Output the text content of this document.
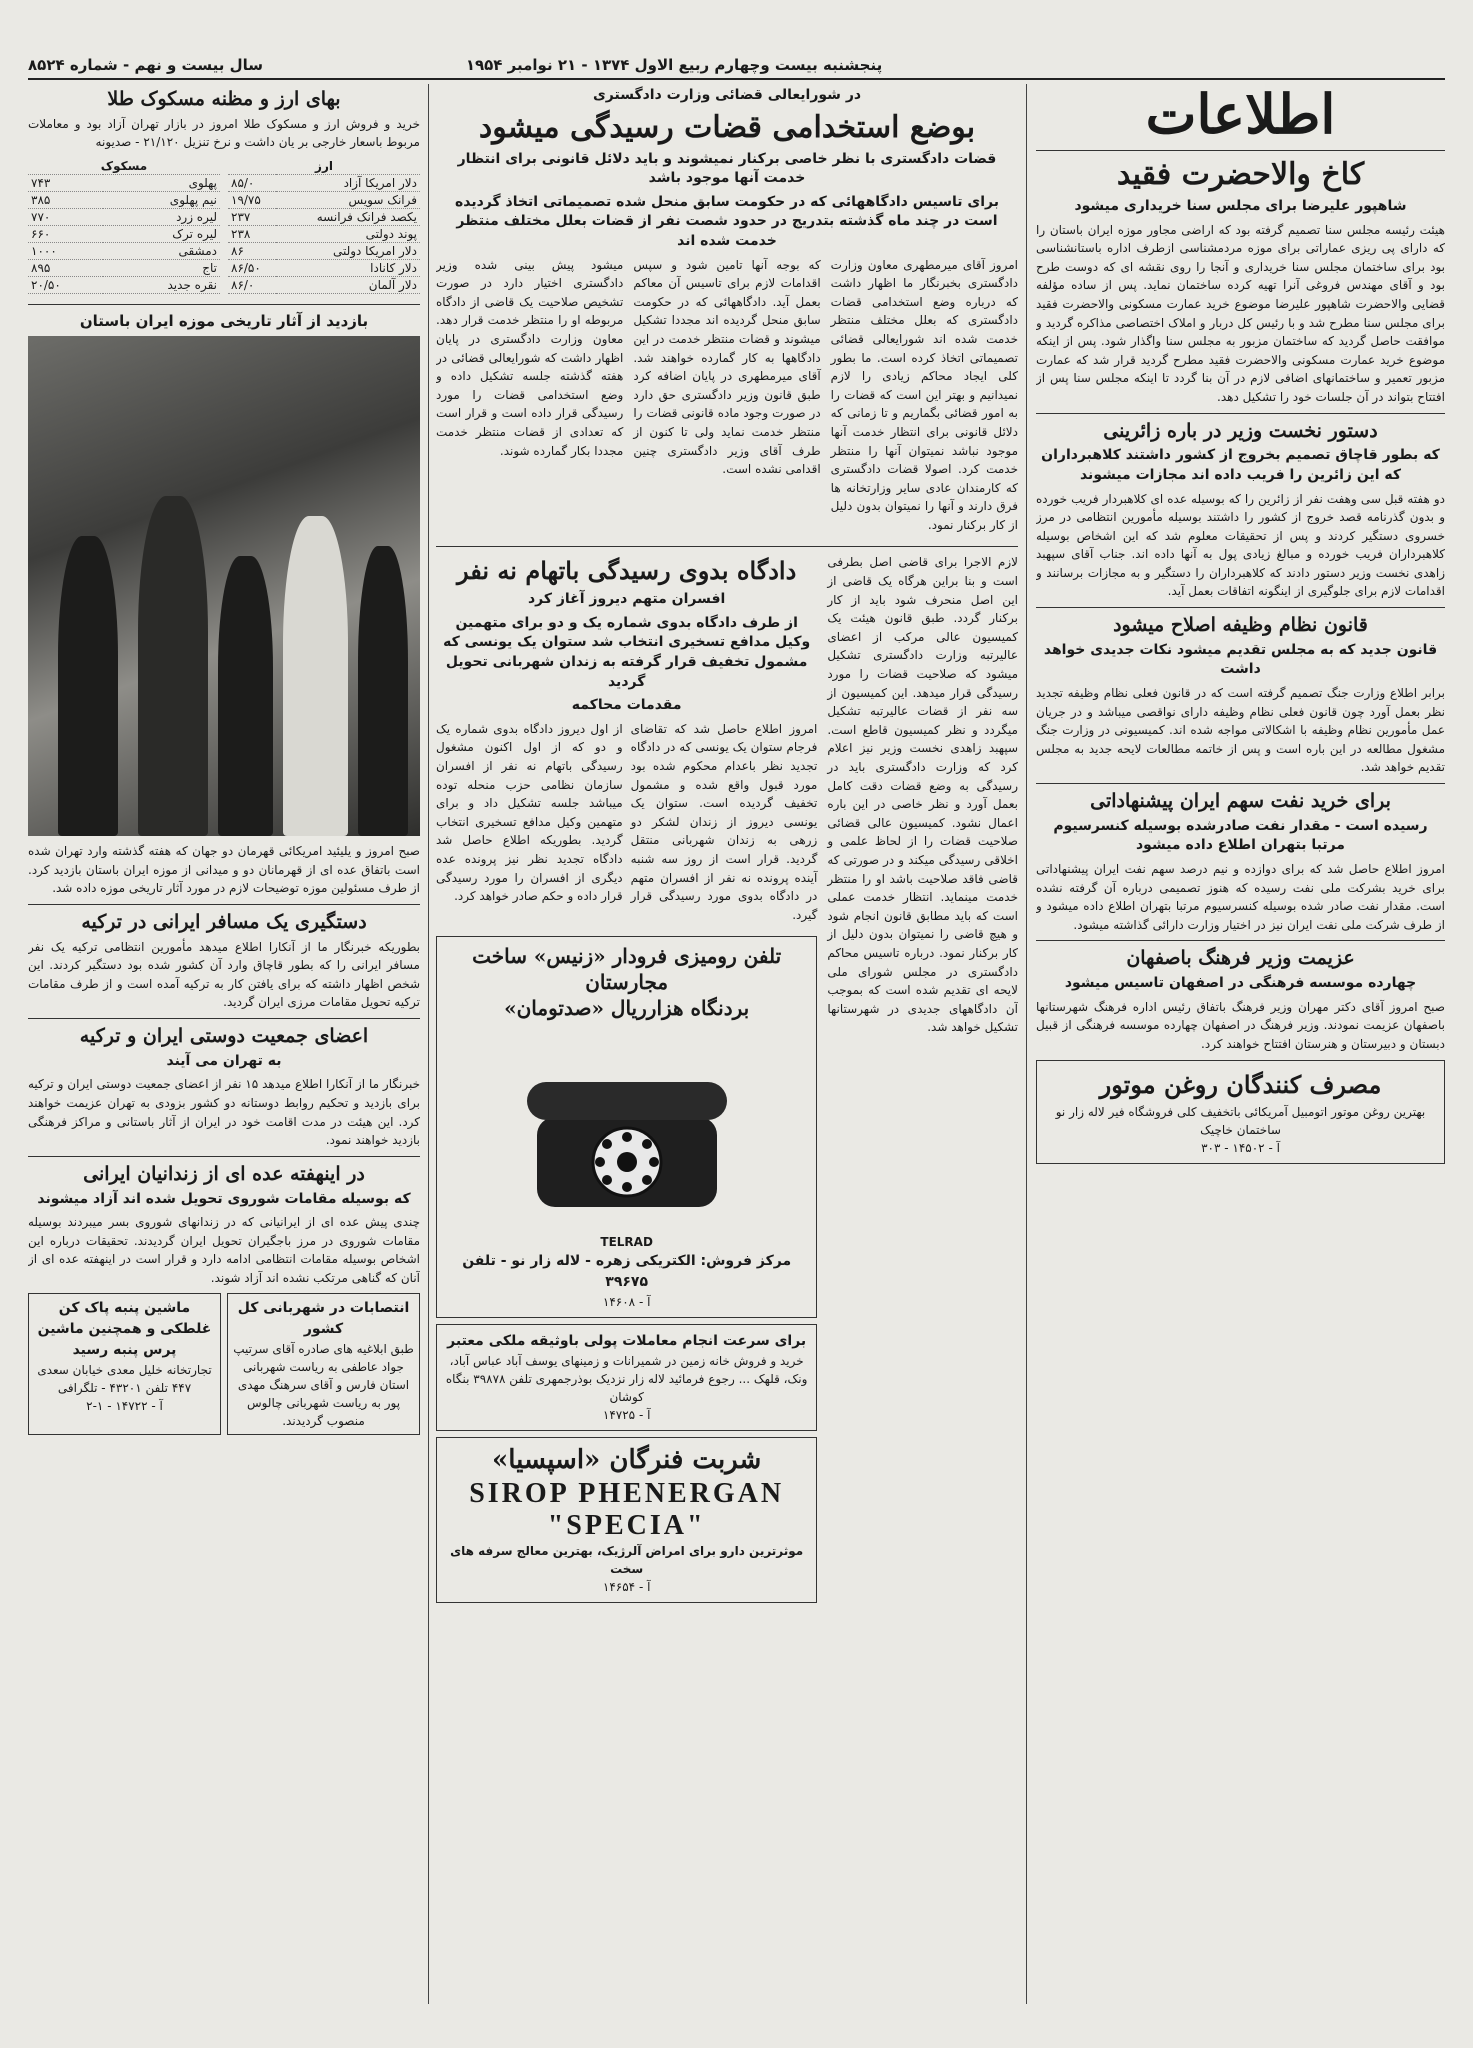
سال بیست و نهم - شماره ۸۵۲۴	پنجشنبه بیست وچهارم ربیع الاول ۱۳۷۴ - ۲۱ نوامبر ۱۹۵۴
اطلاعات
کاخ والاحضرت فقید
شاهپور علیرضا برای مجلس سنا خریداری میشود

هیئت رئیسه مجلس سنا تصمیم گرفته بود که اراضی مجاور موزه ایران باستان را که دارای پی ریزی عماراتی برای موزه مردمشناسی ازطرف اداره باستانشناسی بود برای ساختمان مجلس سنا خریداری و آنجا را روی نقشه ای که دوست طرح بود و آقای مهندس فروغی آنرا تهیه کرده ساختمان نماید. پس از ساده مؤلفه قضایی والاحضرت شاهپور علیرضا موضوع خرید عمارت مسکونی والاحضرت فقید برای مجلس سنا مطرح شد و با رئیس کل دربار و املاک اختصاصی مذاکره گردید و موافقت حاصل گردید که ساختمان مزبور به مجلس سنا واگذار شود. پس از اینکه موضوع خرید عمارت مسکونی والاحضرت فقید مطرح گردید قرار شد که عمارت مزبور تعمیر و ساختمانهای اضافی لازم در آن بنا گردد تا اینکه مجلس سنا پس از افتتاح بتواند در آن جلسات خود را تشکیل دهد.

دستور نخست وزیر در باره زائرینی
که بطور قاچاق تصمیم بخروج از کشور داشتند کلاهبرداران که این زائرین را فریب داده اند مجازات میشوند

دو هفته قبل سی وهفت نفر از زائرین را که بوسیله عده ای کلاهبردار فریب خورده و بدون گذرنامه قصد خروج از کشور را داشتند بوسیله مأمورین انتظامی در مرز خسروی دستگیر کردند و پس از تحقیقات معلوم شد که این اشخاص بوسیله کلاهبرداران فریب خورده و مبالغ زیادی پول به آنها داده اند. جناب آقای سپهبد زاهدی نخست وزیر دستور دادند که کلاهبرداران را دستگیر و به مجازات برسانند و اقدامات لازم برای جلوگیری از اینگونه اتفاقات بعمل آید.

قانون نظام وظیفه اصلاح میشود
قانون جدید که به مجلس تقدیم میشود نکات جدیدی خواهد داشت

برابر اطلاع وزارت جنگ تصمیم گرفته است که در قانون فعلی نظام وظیفه تجدید نظر بعمل آورد چون قانون فعلی نظام وظیفه دارای نواقصی میباشد و در جریان عمل مأمورین نظام وظیفه با اشکالاتی مواجه شده اند. کمیسیونی در وزارت جنگ مشغول مطالعه در این باره است و پس از خاتمه مطالعات لایحه جدید به مجلس تقدیم خواهد شد.

برای خرید نفت سهم ایران پیشنهاداتی
رسیده است - مقدار نفت صادرشده بوسیله کنسرسیوم مرتبا بتهران اطلاع داده میشود

امروز اطلاع حاصل شد که برای دوازده و نیم درصد سهم نفت ایران پیشنهاداتی برای خرید بشرکت ملی نفت رسیده که هنوز تصمیمی درباره آن گرفته نشده است. مقدار نفت صادر شده بوسیله کنسرسیوم مرتبا بتهران اطلاع داده میشود و از طرف شرکت ملی نفت ایران نیز در اختیار وزارت دارائی گذاشته میشود.

عزیمت وزیر فرهنگ باصفهان
چهارده موسسه فرهنگی در اصفهان تاسیس میشود

صبح امروز آقای دکتر مهران وزیر فرهنگ باتفاق رئیس اداره فرهنگ شهرستانها باصفهان عزیمت نمودند. وزیر فرهنگ در اصفهان چهارده موسسه فرهنگی از قبیل دبستان و دبیرستان و هنرستان افتتاح خواهند کرد.

مصرف کنندگان روغن موتور
بهترین روغن موتور اتومبیل آمریکائی باتخفیف کلی فروشگاه فیر لاله زار نو ساختمان خاچیک
آ - ۱۴۵۰۲ - ۳۰۳
در شورایعالی قضائی وزارت دادگستری
بوضع استخدامی قضات رسیدگی میشود
قضات دادگستری با نظر خاصی برکنار نمیشوند و باید دلائل قانونی برای انتظار خدمت آنها موجود باشد
برای تاسیس دادگاههائی که در حکومت سابق منحل شده تصمیماتی اتخاذ گردیده است در چند ماه گذشته بتدریج در حدود شصت نفر از قضات بعلل مختلف منتظر خدمت شده اند

امروز آقای میرمطهری معاون وزارت دادگستری بخبرنگار ما اظهار داشت که درباره وضع استخدامی قضات دادگستری که بعلل مختلف منتظر خدمت شده اند شورایعالی قضائی تصمیماتی اتخاذ کرده است. ما بطور کلی ایجاد محاکم زیادی را لازم نمیدانیم و بهتر این است که قضات را به امور قضائی بگماریم و تا زمانی که دلائل قانونی برای انتظار خدمت آنها موجود نباشد نمیتوان آنها را منتظر خدمت کرد. اصولا قضات دادگستری که کارمندان عادی سایر وزارتخانه ها فرق دارند و آنها را نمیتوان بدون دلیل از کار برکنار نمود.

که بوجه آنها تامین شود و سپس اقدامات لازم برای تاسیس آن معاکم بعمل آید. دادگاههائی که در حکومت سابق منحل گردیده اند مجددا تشکیل میشوند و قضات منتظر خدمت در این دادگاهها به کار گمارده خواهند شد. آقای میرمطهری در پایان اضافه کرد طبق قانون وزیر دادگستری حق دارد در صورت وجود ماده قانونی قضات را منتظر خدمت نماید ولی تا کنون از طرف آقای وزیر دادگستری چنین اقدامی نشده است.

میشود پیش بینی شده وزیر دادگستری اختیار دارد در صورت تشخیص صلاحیت یک قاضی از دادگاه مربوطه او را منتظر خدمت قرار دهد. معاون وزارت دادگستری در پایان اظهار داشت که شورایعالی قضائی در هفته گذشته جلسه تشکیل داده و وضع استخدامی قضات را مورد رسیدگی قرار داده است و قرار است که تعدادی از قضات منتظر خدمت مجددا بکار گمارده شوند.

لازم الاجرا برای قاضی اصل بطرفی است و بنا براین هرگاه یک قاضی از این اصل منحرف شود باید از کار برکنار گردد. طبق قانون هیئت یک کمیسیون عالی مرکب از اعضای عالیرتبه وزارت دادگستری تشکیل میشود که صلاحیت قضات را مورد رسیدگی قرار میدهد. این کمیسیون از سه نفر از قضات عالیرتبه تشکیل میگردد و نظر کمیسیون قاطع است. سپهبد زاهدی نخست وزیر نیز اعلام کرد که وزارت دادگستری باید در رسیدگی به وضع قضات دقت کامل بعمل آورد و نظر خاصی در این باره اعمال نشود. کمیسیون عالی قضائی صلاحیت قضات را از لحاظ علمی و اخلاقی رسیدگی میکند و در صورتی که قاضی فاقد صلاحیت باشد او را منتظر خدمت مینماید. انتظار خدمت عملی است که باید مطابق قانون انجام شود و هیچ قاضی را نمیتوان بدون دلیل از کار برکنار نمود. درباره تاسیس محاکم دادگستری در مجلس شورای ملی لایحه ای تقدیم شده است که بموجب آن دادگاههای جدیدی در شهرستانها تشکیل خواهد شد.

دادگاه بدوی رسیدگی باتهام نه نفر
افسران متهم دیروز آغاز کرد
از طرف دادگاه بدوی شماره یک و دو برای متهمین وکیل مدافع تسخیری انتخاب شد ستوان یک یونسی که مشمول تخفیف قرار گرفته به زندان شهربانی تحویل گردید
مقدمات محاکمه

امروز اطلاع حاصل شد که تقاضای فرجام ستوان یک یونسی که در دادگاه تجدید نظر باعدام محکوم شده بود مورد قبول واقع شده و مشمول تخفیف گردیده است. ستوان یک یونسی دیروز از زندان لشکر دو زرهی به زندان شهربانی منتقل گردید. قرار است از روز سه شنبه آینده پرونده نه نفر از افسران متهم در دادگاه بدوی مورد رسیدگی قرار گیرد.

از اول دیروز دادگاه بدوی شماره یک و دو که از اول اکنون مشغول رسیدگی باتهام نه نفر از افسران سازمان نظامی حزب منحله توده میباشد جلسه تشکیل داد و برای متهمین وکیل مدافع تسخیری انتخاب گردید. بطوریکه اطلاع حاصل شد دادگاه تجدید نظر نیز پرونده عده دیگری از افسران را مورد رسیدگی قرار داده و حکم صادر خواهد کرد.

تلفن رومیزی فرودار «زنیس» ساخت مجارستان
بردنگاه هزارریال «صدتومان»
TELRAD
مرکز فروش: الکتریکی زهره - لاله زار نو - تلفن ۳۹۶۷۵
آ - ۱۴۶۰۸
برای سرعت انجام معاملات پولی باوثیقه ملکی معتبر
خرید و فروش خانه زمین در شمیرانات و زمینهای یوسف آباد عباس آباد، ونک، قلهک ... رجوع فرمائید لاله زار نزدیک بوذرجمهری تلفن ۳۹۸۷۸ بنگاه کوشان
آ - ۱۴۷۲۵
شربت فنرگان «اسپسیا»
SIROP PHENERGAN "SPECIA"
موثرترین دارو برای امراض آلرژیک، بهترین معالج سرفه های سخت
آ - ۱۴۶۵۴
بهای ارز و مظنه مسکوک طلا

خرید و فروش ارز و مسکوک طلا امروز در بازار تهران آزاد بود و معاملات مربوط باسعار خارجی بر یان داشت و نرخ تنزیل ۲۱/۱۲۰ - صدیونه

ارز	
دلار امریکا آزاد	۸۵/۰
فرانک سویس	۱۹/۷۵
یکصد فرانک فرانسه	۲۳۷
پوند دولتی	۲۳۸
دلار امریکا دولتی	۸۶
دلار کانادا	۸۶/۵۰
دلار آلمان	۸۶/۰
مسکوک	
پهلوی	۷۴۳
نیم پهلوی	۳۸۵
لیره زرد	۷۷۰
لیره ترک	۶۶۰
دمشقی	۱۰۰۰
تاج	۸۹۵
نقره جدید	۲۰/۵۰
بازدید از آثار تاریخی موزه ایران باستان

صبح امروز و یلیئید امریکائی قهرمان دو جهان که هفته گذشته وارد تهران شده است باتفاق عده ای از قهرمانان دو و میدانی از موزه ایران باستان بازدید کرد. از طرف مسئولین موزه توضیحات لازم در مورد آثار تاریخی موزه داده شد.

دستگیری یک مسافر ایرانی در ترکیه

بطوریکه خبرنگار ما از آنکارا اطلاع میدهد مأمورین انتظامی ترکیه یک نفر مسافر ایرانی را که بطور قاچاق وارد آن کشور شده بود دستگیر کردند. این شخص اظهار داشته که برای یافتن کار به ترکیه آمده است و از طرف مقامات ترکیه تحویل مقامات مرزی ایران گردید.

اعضای جمعیت دوستی ایران و ترکیه
به تهران می آیند

خبرنگار ما از آنکارا اطلاع میدهد ۱۵ نفر از اعضای جمعیت دوستی ایران و ترکیه برای بازدید و تحکیم روابط دوستانه دو کشور بزودی به تهران عزیمت خواهند کرد. این هیئت در مدت اقامت خود در ایران از آثار باستانی و مراکز فرهنگی بازدید خواهند نمود.

در اینهفته عده ای از زندانیان ایرانی
که بوسیله مقامات شوروی تحویل شده اند آزاد میشوند

چندی پیش عده ای از ایرانیانی که در زندانهای شوروی بسر میبردند بوسیله مقامات شوروی در مرز باجگیران تحویل ایران گردیدند. تحقیقات درباره این اشخاص بوسیله مقامات انتظامی ادامه دارد و قرار است در اینهفته عده ای از آنان که گناهی مرتکب نشده اند آزاد شوند.

انتصابات در شهربانی کل کشور
طبق ابلاغیه های صادره آقای سرتیپ جواد عاطفی به ریاست شهربانی استان فارس و آقای سرهنگ مهدی پور به ریاست شهربانی چالوس منصوب گردیدند.
ماشین پنبه پاک کن غلطکی و همچنین ماشین پرس پنبه رسید
تجارتخانه خلیل معدی خیابان سعدی ۴۴۷ تلفن ۴۳۲۰۱ - تلگرافی
آ - ۱۴۷۲۲ - ۱-۲
